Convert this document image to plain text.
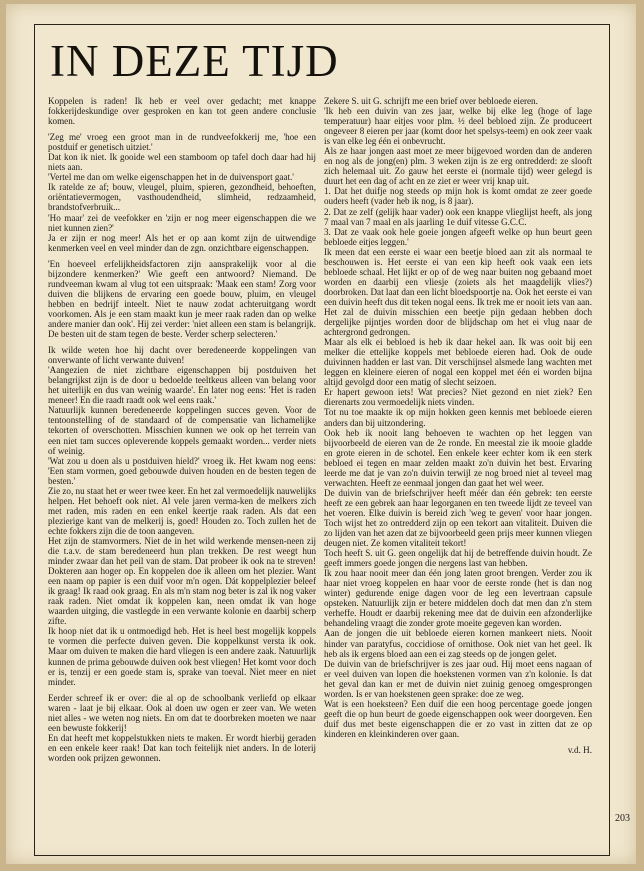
IN DEZE TIJD

Koppelen is raden! Ik heb er veel over gedacht; met knappe fokkerijdeskundige over gesproken en kan tot geen andere conclusie komen.

'Zeg me' vroeg een groot man in de rundveefokkerij me, 'hoe een postduif er genetisch uitziet.'
Dat kon ik niet. Ik gooide wel een stamboom op tafel doch daar had hij niets aan.
'Vertel me dan om welke eigenschappen het in de duivensport gaat.'
Ik ratelde ze af; bouw, vleugel, pluim, spieren, gezondheid, behoeften, oriëntatievermogen, vasthoudendheid, slimheid, redzaamheid, brandstofverbruik...
'Ho maar' zei de veefokker en 'zijn er nog meer eigenschappen die we niet kunnen zien?'
Ja er zijn er nog meer! Als het er op aan komt zijn de uitwendige kenmerken veel en veel minder dan de zgn. onzichtbare eigenschappen.

'En hoeveel erfelijkheidsfactoren zijn aansprakelijk voor al die bijzondere kenmerken?' Wie geeft een antwoord? Niemand. De rundveeman kwam al vlug tot een uitspraak: 'Maak een stam! Zorg voor duiven die blijkens de ervaring een goede bouw, pluim, en vleugel hebben en bedrijf inteelt. Niet te nauw zodat achteruitgang wordt voorkomen. Als je een stam maakt kun je meer raak raden dan op welke andere manier dan ook'. Hij zei verder: 'niet alleen een stam is belangrijk. De besten uit de stam tegen de beste. Verder scherp selecteren.'

Ik wilde weten hoe hij dacht over beredeneerde koppelingen van onverwante of licht verwante duiven!
'Aangezien de niet zichtbare eigenschappen bij postduiven het belangrijkst zijn is de door u bedoelde teeltkeus alleen van belang voor het uiterlijk en dus van weinig waarde'. En later nog eens: 'Het is raden meneer! En die raadt raadt ook wel eens raak.'
Natuurlijk kunnen beredeneerde koppelingen succes geven. Voor de tentoonstelling of de standaard of de compensatie van lichamelijke tekorten of overschotten. Misschien kunnen we ook op het terrein van een niet tam succes opleverende koppels gemaakt worden... verder niets of weinig.
'Wat zou u doen als u postduiven hield?' vroeg ik. Het kwam nog eens: 'Een stam vormen, goed gebouwde duiven houden en de besten tegen de besten.'
Zie zo, nu staat het er weer twee keer. En het zal vermoedelijk nauwelijks helpen. Het behoeft ook niet. Al vele jaren verma-ken de melkers zich met raden, mis raden en een enkel keertje raak raden. Als dat een plezierige kant van de melkerij is, goed! Houden zo. Toch zullen het de echte fokkers zijn die de toon aangeven.
Het zijn de stamvormers. Niet de in het wild werkende mensen-neen zij die t.a.v. de stam beredeneerd hun plan trekken. De rest weegt hun minder zwaar dan het peil van de stam. Dat probeer ik ook na te streven! Dokteren aan hoger op. En koppelen doe ik alleen om het plezier. Want een naam op papier is een duif voor m'n ogen. Dát koppelplezier beleef ik graag! Ik raad ook graag. En als m'n stam nog beter is zal ik nog vaker raak raden. Niet omdat ik koppelen kan, neen omdat ik van hoge waarden uitging, die vastlegde in een verwante kolonie en daarbij scherp zifte.
Ik hoop niet dat ik u ontmoedigd heb. Het is heel best mogelijk koppels te vormen die perfecte duiven geven. Die koppelkunst versta ik ook. Maar om duiven te maken die hard vliegen is een andere zaak. Natuurlijk kunnen de prima gebouwde duiven ook best vliegen! Het komt voor doch er is, tenzij er een goede stam is, sprake van toeval. Niet meer en niet minder.

Eerder schreef ik er over: die al op de schoolbank verliefd op elkaar waren - laat je bij elkaar. Ook al doen uw ogen er zeer van. We weten niet alles - we weten nog niets. En om dat te doorbreken moeten we naar een bewuste fokkerij!
En dat heeft met koppelstukken niets te maken. Er wordt hierbij geraden en een enkele keer raak! Dat kan toch feitelijk niet anders. In de loterij worden ook prijzen gewonnen.

Zekere S. uit G. schrijft me een brief over bebloede eieren.
'Ik heb een duivin van zes jaar, welke bij elke leg (hoge of lage temperatuur) haar eitjes voor plm. ½ deel bebloed zijn. Ze produceert ongeveer 8 eieren per jaar (komt door het spelsys-teem) en ook zeer vaak is van elke leg één ei onbevrucht.
Als ze haar jongen aast moet ze meer bijgevoed worden dan de anderen en nog als de jong(en) plm. 3 weken zijn is ze erg ontredderd: ze slooft zich helemaal uit. Zo gauw het eerste ei (normale tijd) weer gelegd is duurt het een dag of acht en ze ziet er weer vrij knap uit.
1. Dat het duifje nog steeds op mijn hok is komt omdat ze zeer goede ouders heeft (vader heb ik nog, is 8 jaar).
2. Dat ze zelf (gelijk haar vader) ook een knappe vlieglijst heeft, als jong 7 maal van 7 maal en als jaarling 1e duif vitesse G.C.C.
3. Dat ze vaak ook hele goeie jongen afgeeft welke op hun beurt geen bebloede eitjes leggen.'
Ik meen dat een eerste ei waar een beetje bloed aan zit als normaal te beschouwen is. Het eerste ei van een kip heeft ook vaak een iets bebloede schaal. Het lijkt er op of de weg naar buiten nog gebaand moet worden en daarbij een vliesje (zoiets als het maagdelijk vlies?) doorbroken. Dat laat dan een licht bloedspoortje na. Ook het eerste ei van een duivin heeft dus dit teken nogal eens. Ik trek me er nooit iets van aan. Het zal de duivin misschien een beetje pijn gedaan hebben doch dergelijke pijntjes worden door de blijdschap om het ei vlug naar de achtergrond gedrongen.
Maar als elk ei bebloed is heb ik daar hekel aan. Ik was ooit bij een melker die ettelijke koppels met bebloede eieren had. Ook de oude duivinnen hadden er last van. Dit verschijnsel alsmede lang wachten met leggen en kleinere eieren of nogal een koppel met één ei worden bijna altijd gevolgd door een matig of slecht seizoen.
Er hapert gewoon iets! Wat precies? Niet gezond en niet ziek? Een dierenarts zou vermoedelijk niets vinden.
Tot nu toe maakte ik op mijn hokken geen kennis met bebloede eieren anders dan bij uitzondering.
Ook heb ik nooit lang behoeven te wachten op het leggen van bijvoorbeeld de eieren van de 2e ronde. En meestal zie ik mooie gladde en grote eieren in de schotel. Een enkele keer echter kom ik een sterk bebloed ei tegen en maar zelden maakt zo'n duivin het best. Ervaring leerde me dat je van zo'n duivin terwijl ze nog broed niet al teveel mag verwachten. Heeft ze eenmaal jongen dan gaat het wel weer.
De duivin van de briefschrijver heeft méér dan één gebrek: ten eerste heeft ze een gebrek aan haar legorganen en ten tweede lijdt ze teveel van het voeren. Elke duivin is bereid zich 'weg te geven' voor haar jongen. Toch wijst het zo ontredderd zijn op een tekort aan vitaliteit. Duiven die zo lijden van het azen dat ze bijvoorbeeld geen prijs meer kunnen vliegen deugen niet. Ze komen vitaliteit tekort!
Toch heeft S. uit G. geen ongelijk dat hij de betreffende duivin houdt. Ze geeft immers goede jongen die nergens last van hebben.
Ik zou haar nooit meer dan één jong laten groot brengen. Verder zou ik haar niet vroeg koppelen en haar voor de eerste ronde (het is dan nog winter) gedurende enige dagen voor de leg een levertraan capsule opsteken. Natuurlijk zijn er betere middelen doch dat men dan z'n stem verheffe. Houdt er daarbij rekening mee dat de duivin een afzonderlijke behandeling vraagt die zonder grote moeite gegeven kan worden.
Aan de jongen die uit bebloede eieren kornen mankeert niets. Nooit hinder van paratyfus, coccidiose of ornithose. Ook niet van het geel. Ik heb als ik ergens bloed aan een ei zag steeds op de jongen gelet.
De duivin van de briefschrijver is zes jaar oud. Hij moet eens nagaan of er veel duiven van lopen die hoekstenen vormen van z'n kolonie. Is dat het geval dan kan er met de duivin niet zuinig genoeg omgesprongen worden. Is er van hoekstenen geen sprake: doe ze weg.
Wat is een hoeksteen? Een duif die een hoog percentage goede jongen geeft die op hun beurt de goede eigenschappen ook weer doorgeven. Een duif dus met beste eigenschappen die er zo vast in zitten dat ze op kinderen en kleinkinderen over gaan.

v.d. H.

203
